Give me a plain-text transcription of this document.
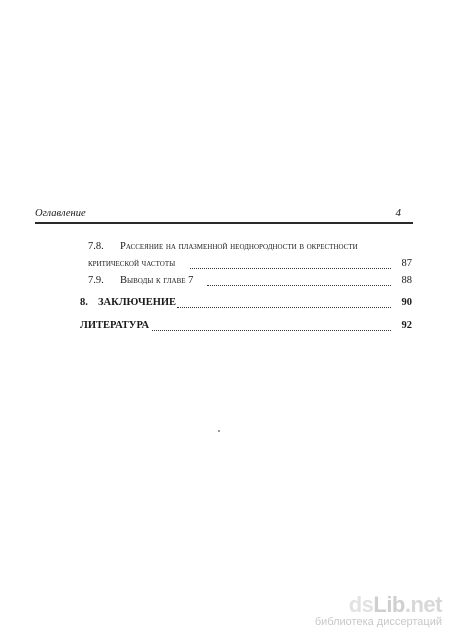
Оглавление	4
7.8. Рассеяние на плазменной неоднородности в окрестности
критической частоты	87
7.9. Выводы к главе 7	88
8. ЗАКЛЮЧЕНИЕ	90
ЛИТЕРАТУРА	92
dsLib.net
библиотека диссертаций
